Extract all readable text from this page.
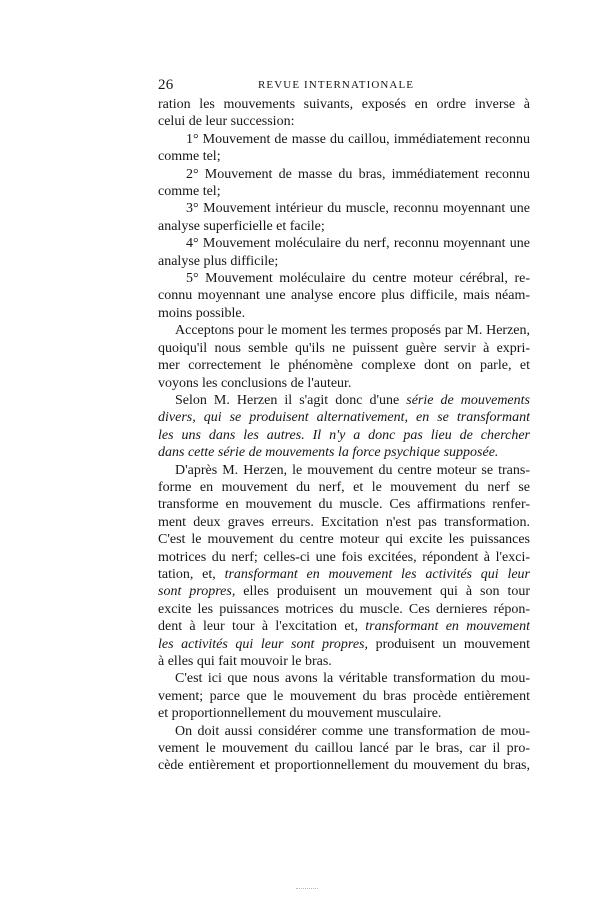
26	REVUE INTERNATIONALE
ration les mouvements suivants, exposés en ordre inverse à
celui de leur succession:
1° Mouvement de masse du caillou, immédiatement reconnu
comme tel;
2° Mouvement de masse du bras, immédiatement reconnu
comme tel;
3° Mouvement intérieur du muscle, reconnu moyennant une
analyse superficielle et facile;
4° Mouvement moléculaire du nerf, reconnu moyennant une
analyse plus difficile;
5° Mouvement moléculaire du centre moteur cérébral, re-
connu moyennant une analyse encore plus difficile, mais néam-
moins possible.
Acceptons pour le moment les termes proposés par M. Herzen,
quoiqu'il nous semble qu'ils ne puissent guère servir à expri-
mer correctement le phénomène complexe dont on parle, et
voyons les conclusions de l'auteur.
Selon M. Herzen il s'agit donc d'une série de mouvements
divers, qui se produisent alternativement, en se transformant
les uns dans les autres. Il n'y a donc pas lieu de chercher
dans cette série de mouvements la force psychique supposée.
D'après M. Herzen, le mouvement du centre moteur se trans-
forme en mouvement du nerf, et le mouvement du nerf se
transforme en mouvement du muscle. Ces affirmations renfer-
ment deux graves erreurs. Excitation n'est pas transformation.
C'est le mouvement du centre moteur qui excite les puissances
motrices du nerf; celles-ci une fois excitées, répondent à l'exci-
tation, et, transformant en mouvement les activités qui leur
sont propres, elles produisent un mouvement qui à son tour
excite les puissances motrices du muscle. Ces dernieres répon-
dent à leur tour à l'excitation et, transformant en mouvement
les activités qui leur sont propres, produisent un mouvement
à elles qui fait mouvoir le bras.
C'est ici que nous avons la véritable transformation du mou-
vement; parce que le mouvement du bras procède entièrement
et proportionnellement du mouvement musculaire.
On doit aussi considérer comme une transformation de mou-
vement le mouvement du caillou lancé par le bras, car il pro-
cède entièrement et proportionnellement du mouvement du bras,
